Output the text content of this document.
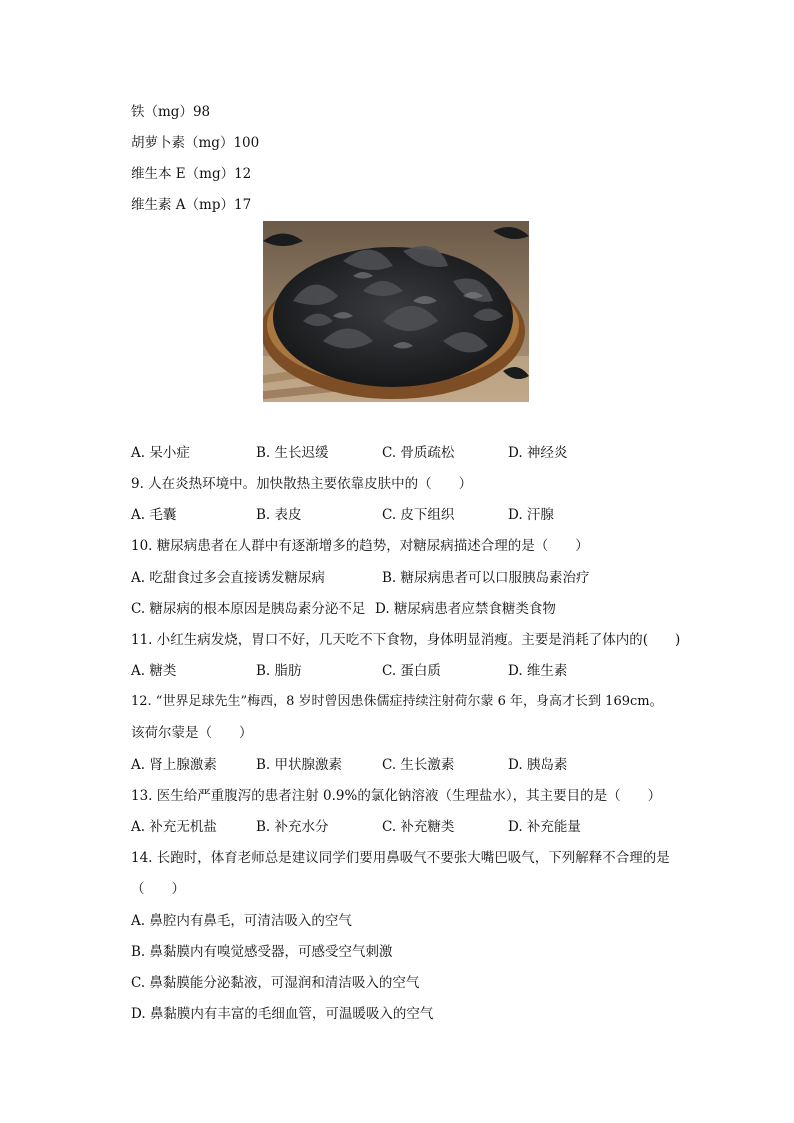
铁（mg）98
胡萝卜素（mg）100
维生本 E（mg）12
维生素 A（mp）17
A. 呆小症	B. 生长迟缓	C. 骨质疏松	D. 神经炎
9. 人在炎热环境中。加快散热主要依靠皮肤中的（　　）
A. 毛囊	B. 表皮	C. 皮下组织	D. 汗腺
10. 糖尿病患者在人群中有逐渐增多的趋势，对糖尿病描述合理的是（　　）
A. 吃甜食过多会直接诱发糖尿病	B. 糖尿病患者可以口服胰岛素治疗
C. 糖尿病的根本原因是胰岛素分泌不足 D. 糖尿病患者应禁食糖类食物
11. 小红生病发烧，胃口不好，几天吃不下食物，身体明显消瘦。主要是消耗了体内的(　　)
A. 糖类	B. 脂肪	C. 蛋白质	D. 维生素
12. “世界足球先生”梅西，8 岁时曾因患侏儒症持续注射荷尔蒙 6 年，身高才长到 169cm。
该荷尔蒙是（　　）
A. 肾上腺激素	B. 甲状腺激素	C. 生长激素	D. 胰岛素
13. 医生给严重腹泻的患者注射 0.9%的氯化钠溶液（生理盐水），其主要目的是（　　）
A. 补充无机盐	B. 补充水分	C. 补充糖类	D. 补充能量
14. 长跑时，体育老师总是建议同学们要用鼻吸气不要张大嘴巴吸气，下列解释不合理的是
（　　）
A. 鼻腔内有鼻毛，可清洁吸入的空气
B. 鼻黏膜内有嗅觉感受器，可感受空气刺激
C. 鼻黏膜能分泌黏液，可湿润和清洁吸入的空气
D. 鼻黏膜内有丰富的毛细血管，可温暖吸入的空气
